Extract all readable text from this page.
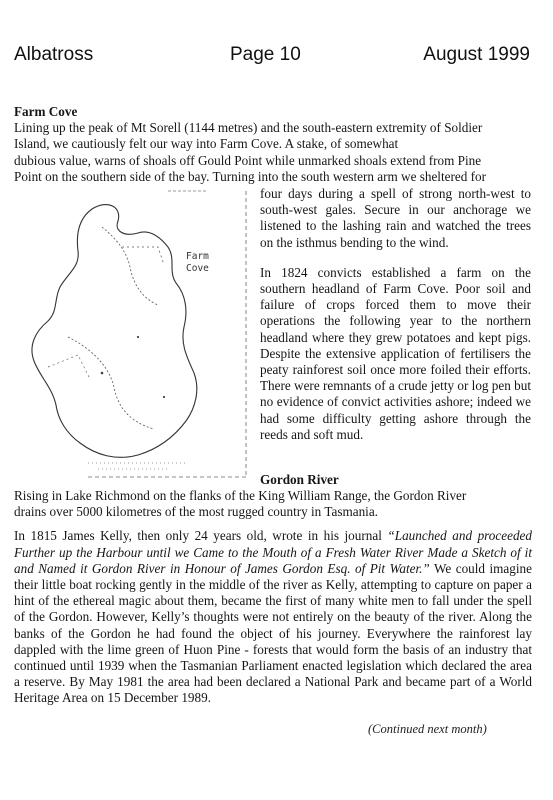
Albatross	Page 10	August 1999
Farm Cove
Lining up the peak of Mt Sorell (1144 metres) and the south-eastern extremity of Soldier
Island, we cautiously felt our way into Farm Cove. A stake, of somewhat
dubious value, warns of shoals off Gould Point while unmarked shoals extend from Pine
Point on the southern side of the bay. Turning into the south western arm we sheltered for
Farm
Cove

four days during a spell of strong north-west to south-west gales. Secure in our anchorage we listened to the lashing rain and watched the trees on the isthmus bending to the wind.

In 1824 convicts established a farm on the southern headland of Farm Cove. Poor soil and failure of crops forced them to move their operations the following year to the northern headland where they grew potatoes and kept pigs. Despite the extensive application of fertilisers the peaty rainforest soil once more foiled their efforts. There were remnants of a crude jetty or log pen but no evidence of convict activities ashore; indeed we had some difficulty getting ashore through the reeds and soft mud.

Gordon River
Rising in Lake Richmond on the flanks of the King William Range, the Gordon River
drains over 5000 kilometres of the most rugged country in Tasmania.

In 1815 James Kelly, then only 24 years old, wrote in his journal “Launched and proceeded Further up the Harbour until we Came to the Mouth of a Fresh Water River Made a Sketch of it and Named it Gordon River in Honour of James Gordon Esq. of Pit Water.” We could imagine their little boat rocking gently in the middle of the river as Kelly, attempting to capture on paper a hint of the ethereal magic about them, became the first of many white men to fall under the spell of the Gordon. However, Kelly’s thoughts were not entirely on the beauty of the river. Along the banks of the Gordon he had found the object of his journey. Everywhere the rainforest lay dappled with the lime green of Huon Pine - forests that would form the basis of an industry that continued until 1939 when the Tasmanian Parliament enacted legislation which declared the area a reserve. By May 1981 the area had been declared a National Park and became part of a World Heritage Area on 15 December 1989.

(Continued next month)
